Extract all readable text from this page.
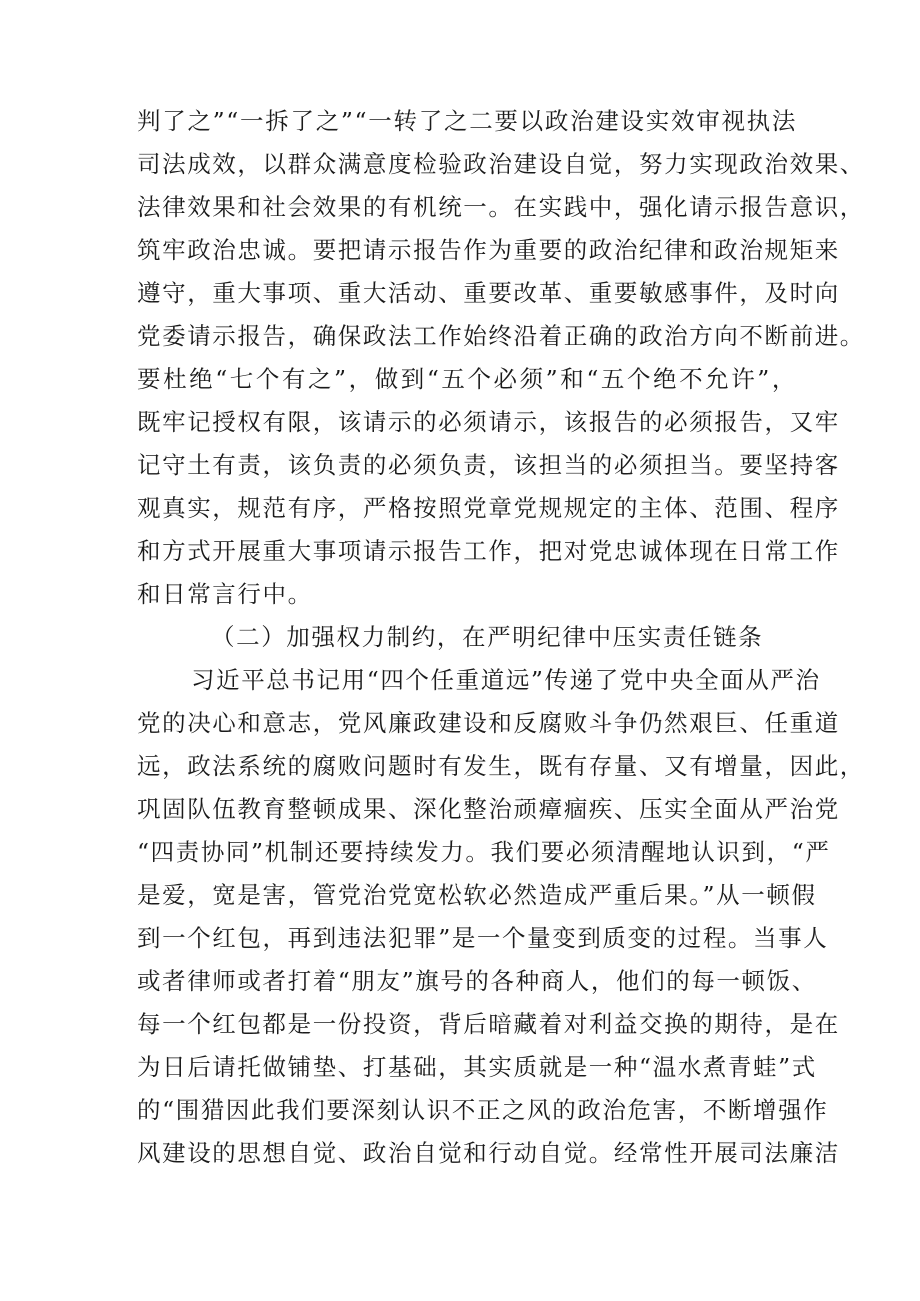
判了之”“一拆了之”“一转了之二要以政治建设实效审视执法
司法成效，以群众满意度检验政治建设自觉，努力实现政治效果、
法律效果和社会效果的有机统一。在实践中，强化请示报告意识，
筑牢政治忠诚。要把请示报告作为重要的政治纪律和政治规矩来
遵守，重大事项、重大活动、重要改革、重要敏感事件，及时向
党委请示报告，确保政法工作始终沿着正确的政治方向不断前进。
要杜绝“七个有之”，做到“五个必须”和“五个绝不允许”，
既牢记授权有限，该请示的必须请示，该报告的必须报告，又牢
记守土有责，该负责的必须负责，该担当的必须担当。要坚持客
观真实，规范有序，严格按照党章党规规定的主体、范围、程序
和方式开展重大事项请示报告工作，把对党忠诚体现在日常工作
和日常言行中。
（二）加强权力制约，在严明纪律中压实责任链条
习近平总书记用“四个任重道远”传递了党中央全面从严治
党的决心和意志，党风廉政建设和反腐败斗争仍然艰巨、任重道
远，政法系统的腐败问题时有发生，既有存量、又有增量，因此，
巩固队伍教育整顿成果、深化整治顽瘴痼疾、压实全面从严治党
“四责协同”机制还要持续发力。我们要必须清醒地认识到，“严
是爱，宽是害，管党治党宽松软必然造成严重后果。”从一顿假
到一个红包，再到违法犯罪”是一个量变到质变的过程。当事人
或者律师或者打着“朋友”旗号的各种商人，他们的每一顿饭、
每一个红包都是一份投资，背后暗藏着对利益交换的期待，是在
为日后请托做铺垫、打基础，其实质就是一种“温水煮青蛙”式
的“围猎因此我们要深刻认识不正之风的政治危害，不断增强作
风建设的思想自觉、政治自觉和行动自觉。经常性开展司法廉洁
